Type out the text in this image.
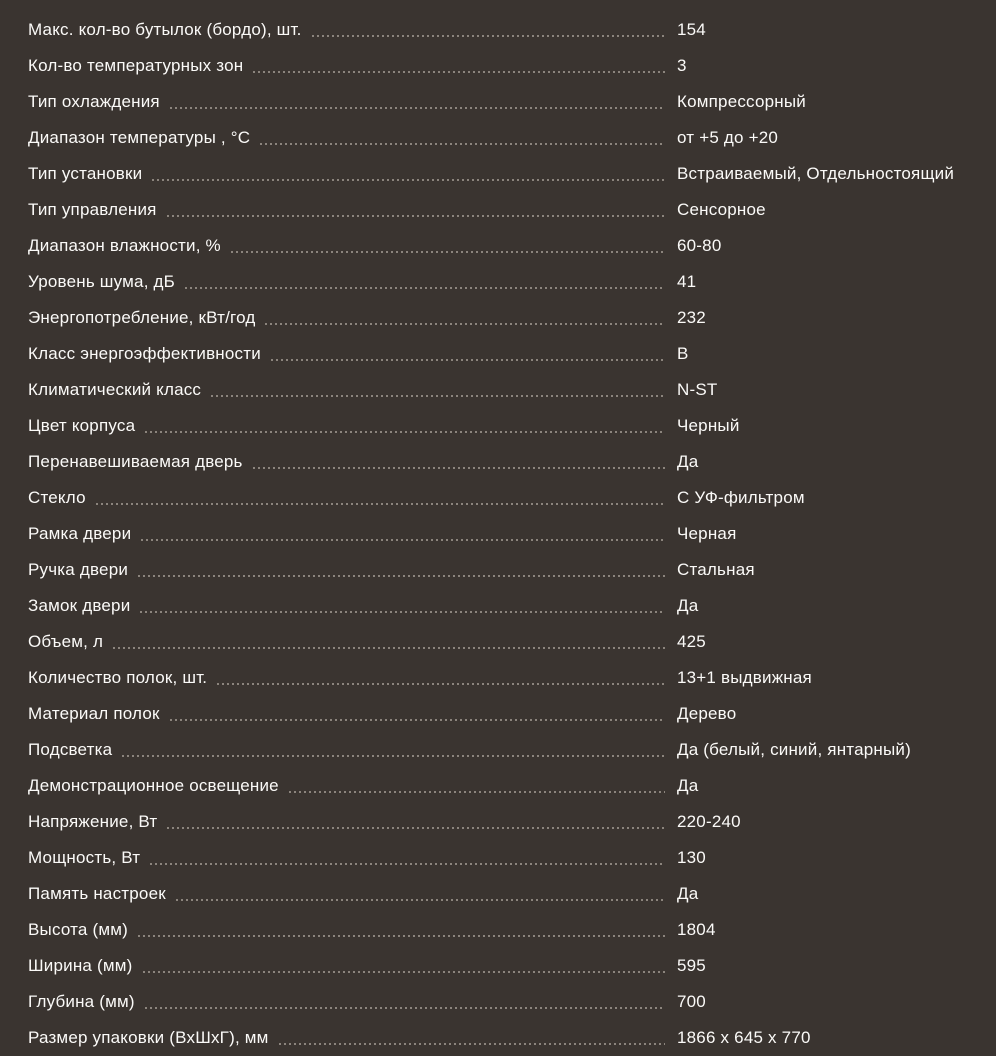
Макс. кол-во бутылок (бордо), шт.	154
Кол-во температурных зон	3
Тип охлаждения	Компрессорный
Диапазон температуры , °С	от +5 до +20
Тип установки	Встраиваемый, Отдельностоящий
Тип управления	Сенсорное
Диапазон влажности, %	60-80
Уровень шума, дБ	41
Энергопотребление, кВт/год	232
Класс энергоэффективности	B
Климатический класс	N-ST
Цвет корпуса	Черный
Перенавешиваемая дверь	Да
Стекло	С УФ-фильтром
Рамка двери	Черная
Ручка двери	Стальная
Замок двери	Да
Объем, л	425
Количество полок, шт.	13+1 выдвижная
Материал полок	Дерево
Подсветка	Да (белый, синий, янтарный)
Демонстрационное освещение	Да
Напряжение, Вт	220-240
Мощность, Вт	130
Память настроек	Да
Высота (мм)	1804
Ширина (мм)	595
Глубина (мм)	700
Размер упаковки (ВхШхГ), мм	1866 x 645 x 770
